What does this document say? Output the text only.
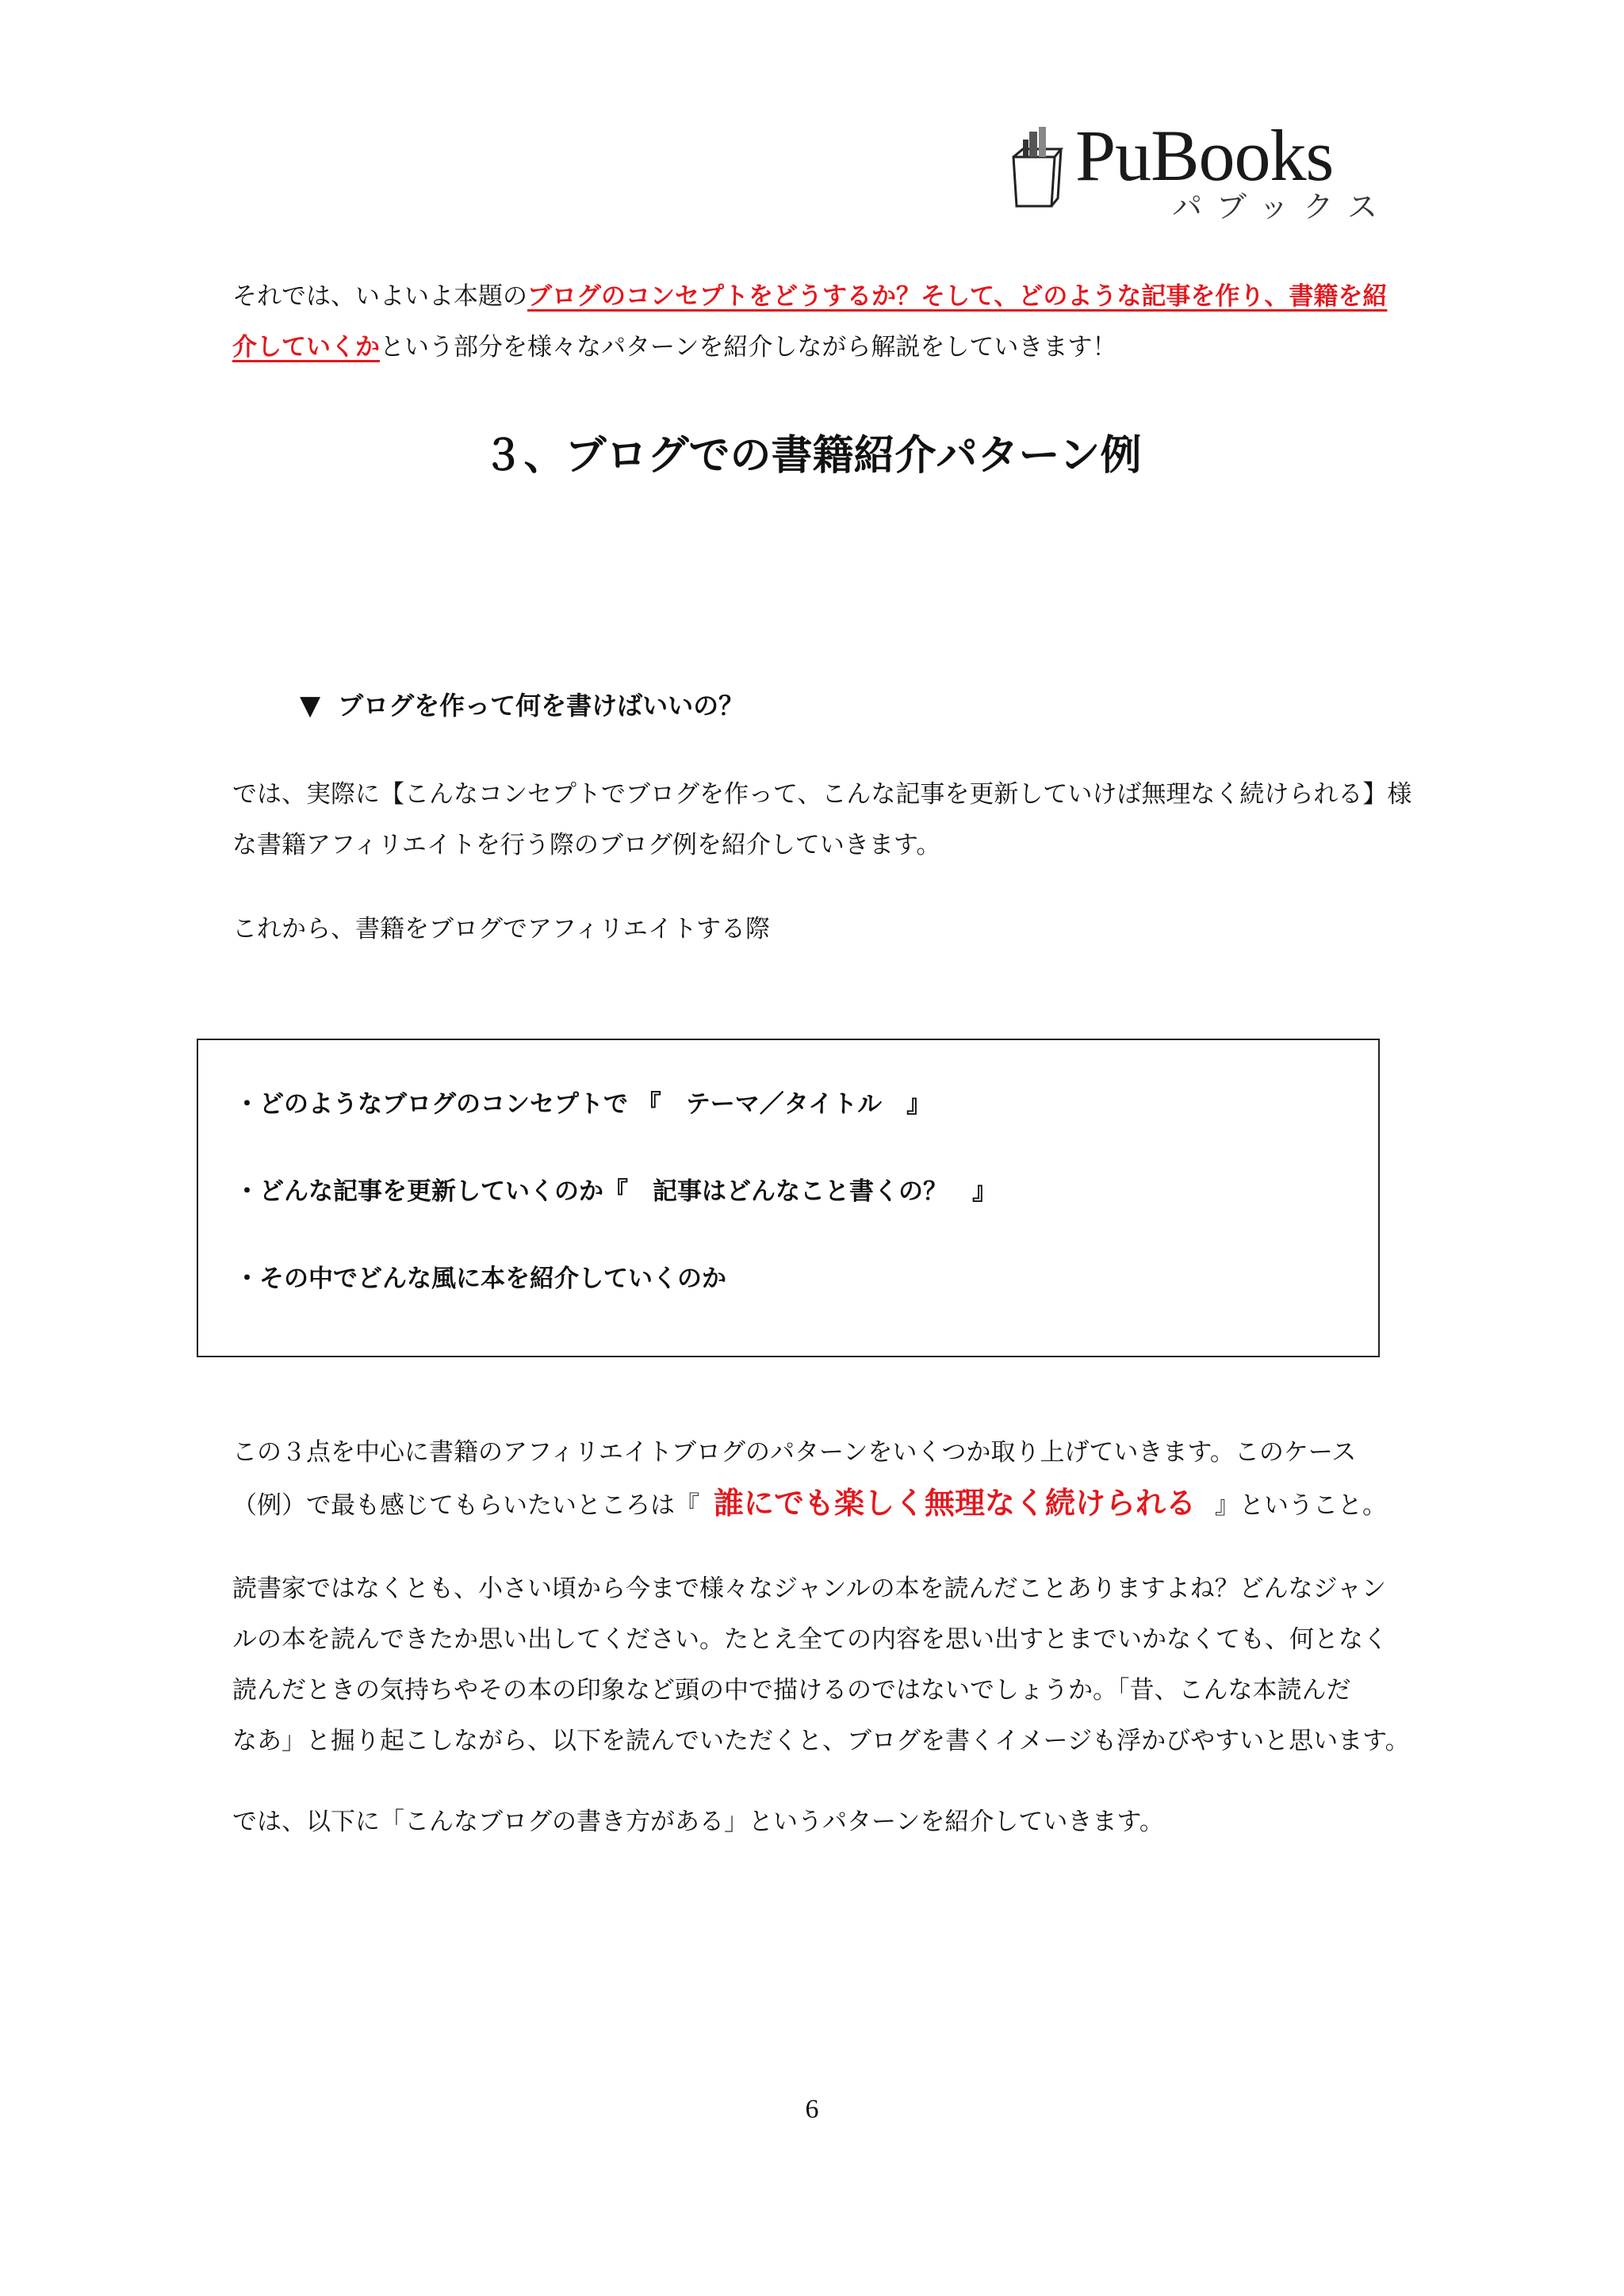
PuBooks
パブックス
それでは、いよいよ本題のブログのコンセプトをどうするか？そして、どのような記事を作り、書籍を紹
介していくかという部分を様々なパターンを紹介しながら解説をしていきます！
３、ブログでの書籍紹介パターン例
▼ ブログを作って何を書けばいいの？
では、実際に【こんなコンセプトでブログを作って、こんな記事を更新していけば無理なく続けられる】様
な書籍アフィリエイトを行う際のブログ例を紹介していきます。
これから、書籍をブログでアフィリエイトする際
・どのようなブログのコンセプトで 『　テーマ／タイトル　』
・どんな記事を更新していくのか『　記事はどんなこと書くの？　』
・その中でどんな風に本を紹介していくのか
この３点を中心に書籍のアフィリエイトブログのパターンをいくつか取り上げていきます。このケース
（例）で最も感じてもらいたいところは『 誰にでも楽しく無理なく続けられる 』ということ。
読書家ではなくとも、小さい頃から今まで様々なジャンルの本を読んだことありますよね？どんなジャン
ルの本を読んできたか思い出してください。たとえ全ての内容を思い出すとまでいかなくても、何となく
読んだときの気持ちやその本の印象など頭の中で描けるのではないでしょうか。「昔、こんな本読んだ
なあ」と掘り起こしながら、以下を読んでいただくと、ブログを書くイメージも浮かびやすいと思います。
では、以下に「こんなブログの書き方がある」というパターンを紹介していきます。
6
